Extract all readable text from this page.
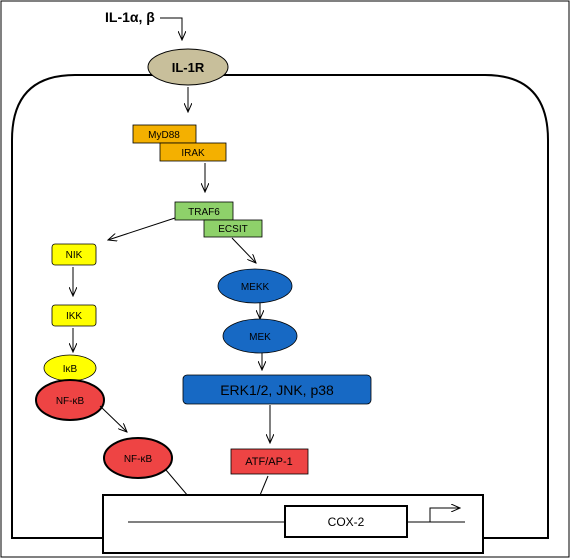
IL-1α, β
IL-1R
MyD88
IRAK
TRAF6
ECSIT
NIK
IKK
IκB
NF-κB
NF-κB
MEKK
MEK
ERK1/2, JNK, p38
ATF/AP-1
COX-2
